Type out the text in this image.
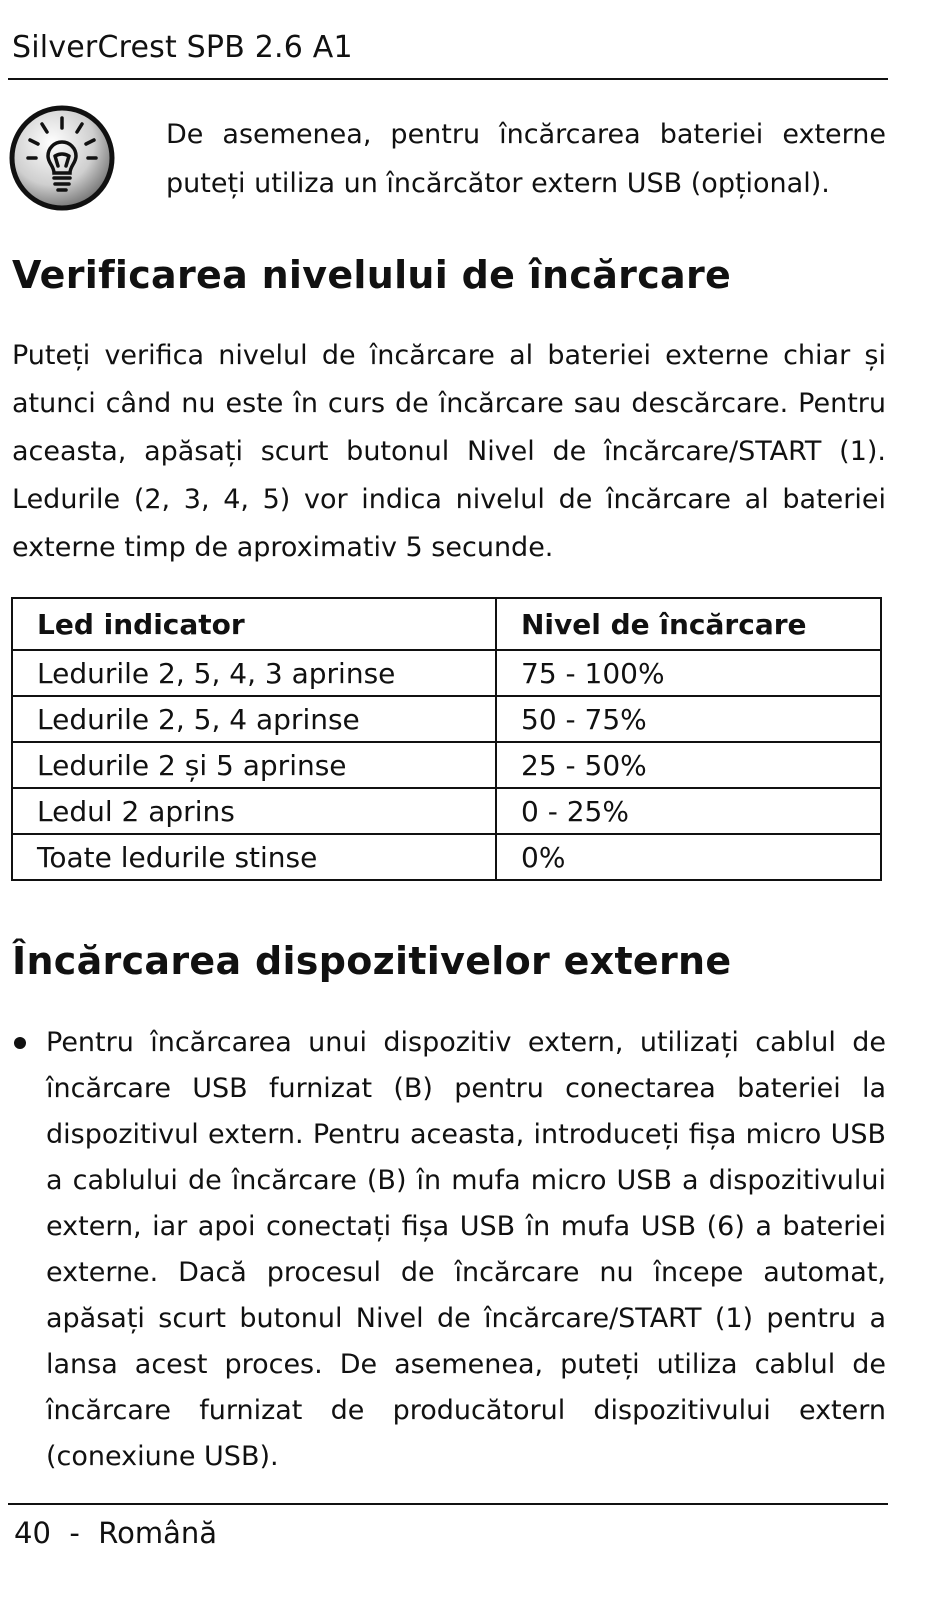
SilverCrest SPB 2.6 A1
De asemenea, pentru încărcarea bateriei externe puteți utiliza un încărcător extern USB (opțional).
Verificarea nivelului de încărcare
Puteți verifica nivelul de încărcare al bateriei externe chiar și atunci când nu este în curs de încărcare sau descărcare. Pentru aceasta, apăsați scurt butonul Nivel de încărcare/START (1). Ledurile (2, 3, 4, 5) vor indica nivelul de încărcare al bateriei externe timp de aproximativ 5 secunde.
Led indicator	Nivel de încărcare
Ledurile 2, 5, 4, 3 aprinse	75 - 100%
Ledurile 2, 5, 4 aprinse	50 - 75%
Ledurile 2 și 5 aprinse	25 - 50%
Ledul 2 aprins	0 - 25%
Toate ledurile stinse	0%
Încărcarea dispozitivelor externe
Pentru încărcarea unui dispozitiv extern, utilizați cablul de încărcare USB furnizat (B) pentru conectarea bateriei la dispozitivul extern. Pentru aceasta, introduceți fișa micro USB a cablului de încărcare (B) în mufa micro USB a dispozitivului extern, iar apoi conectați fișa USB în mufa USB (6) a bateriei externe. Dacă procesul de încărcare nu începe automat, apăsați scurt butonul Nivel de încărcare/START (1) pentru a lansa acest proces. De asemenea, puteți utiliza cablul de încărcare furnizat de producătorul dispozitivului extern (conexiune USB).
40  -  Română
